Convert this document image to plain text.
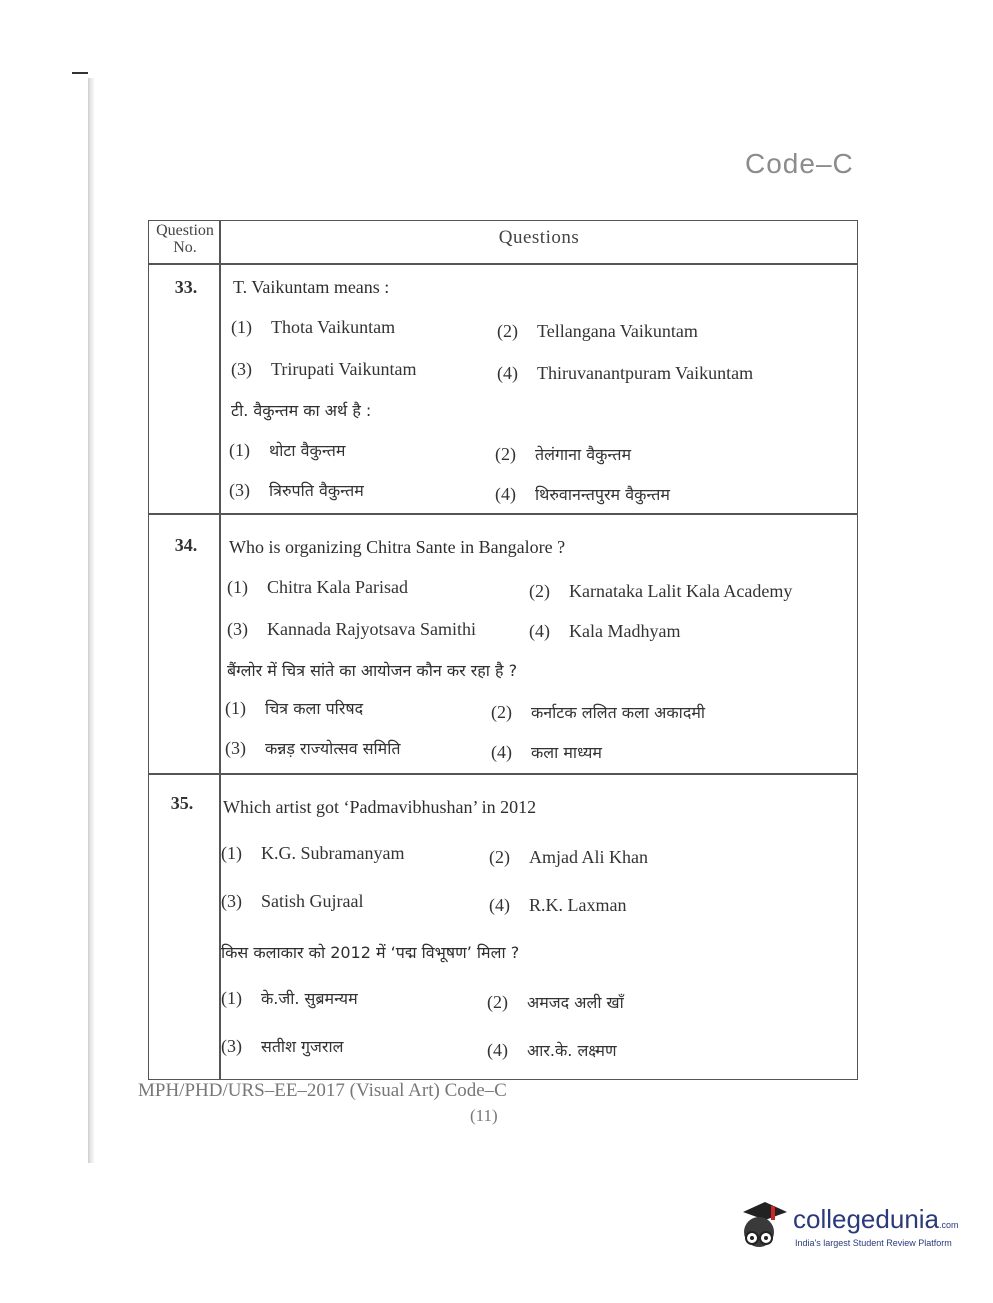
Code–C
Question No.	Questions
33.	T. Vaikuntam means :
(1) Thota Vaikuntam	(2) Tellangana Vaikuntam
(3) Trirupati Vaikuntam	(4) Thiruvanantpuram Vaikuntam
टी. वैकुन्तम का अर्थ है :
(1) थोटा वैकुन्तम	(2) तेलंगाना वैकुन्तम
(3) त्रिरुपति वैकुन्तम	(4) थिरुवानन्तपुरम वैकुन्तम
34.	Who is organizing Chitra Sante in Bangalore ?
(1) Chitra Kala Parisad	(2) Karnataka Lalit Kala Academy
(3) Kannada Rajyotsava Samithi	(4) Kala Madhyam
बैंग्लोर में चित्र सांते का आयोजन कौन कर रहा है ?
(1) चित्र कला परिषद	(2) कर्नाटक ललित कला अकादमी
(3) कन्नड़ राज्योत्सव समिति	(4) कला माध्यम
35.	Which artist got ‘Padmavibhushan’ in 2012
(1) K.G. Subramanyam	(2) Amjad Ali Khan
(3) Satish Gujraal	(4) R.K. Laxman
किस कलाकार को 2012 में ‘पद्म विभूषण’ मिला ?
(1) के.जी. सुब्रमन्यम	(2) अमजद अली खाँ
(3) सतीश गुजराल	(4) आर.के. लक्ष्मण
MPH/PHD/URS–EE–2017 (Visual Art) Code–C
(11)
collegedunia.com
India's largest Student Review Platform
